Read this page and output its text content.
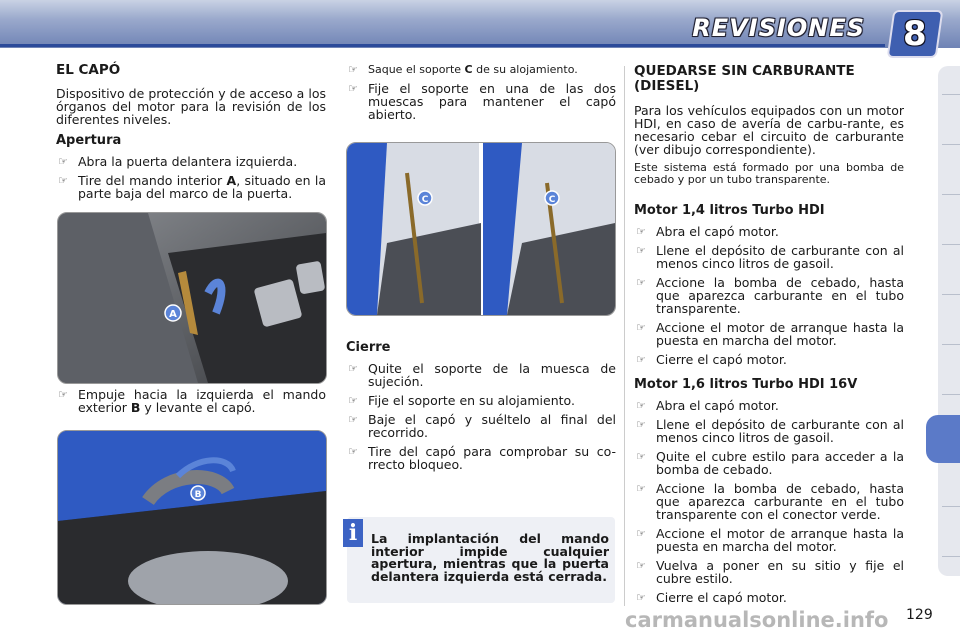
REVISIONES 8
EL CAPÓ

Dispositivo de protección y de acceso a los órganos del motor para la revisión de los diferentes niveles.

Apertura
☞ Abra la puerta delantera izquierda.
☞ Tire del mando interior A, situado en la parte baja del marco de la puerta.
A
☞ Empuje hacia la izquierda el mando exterior B y levante el capó.
B
☞ Saque el soporte C de su alojamiento.
☞ Fije el soporte en una de las dos muescas para mantener el capó abierto.
C	C
Cierre
☞ Quite el soporte de la muesca de sujeción.
☞ Fije el soporte en su alojamiento.
☞ Baje el capó y suéltelo al final del recorrido.
☞ Tire del capó para comprobar su co-rrecto bloqueo.
i	La implantación del mando interior impide cualquier apertura, mientras que la puerta delantera izquierda está cerrada.
QUEDARSE SIN CARBURANTE (DIESEL)

Para los vehículos equipados con un motor HDI, en caso de avería de carbu-rante, es necesario cebar el circuito de carburante (ver dibujo correspondiente).

Este sistema está formado por una bomba de cebado y por un tubo transparente.

Motor 1,4 litros Turbo HDI
☞ Abra el capó motor.
☞ Llene el depósito de carburante con al menos cinco litros de gasoil.
☞ Accione la bomba de cebado, hasta que aparezca carburante en el tubo transparente.
☞ Accione el motor de arranque hasta la puesta en marcha del motor.
☞ Cierre el capó motor.
Motor 1,6 litros Turbo HDI 16V
☞ Abra el capó motor.
☞ Llene el depósito de carburante con al menos cinco litros de gasoil.
☞ Quite el cubre estilo para acceder a la bomba de cebado.
☞ Accione la bomba de cebado, hasta que aparezca carburante en el tubo transparente con el conector verde.
☞ Accione el motor de arranque hasta la puesta en marcha del motor.
☞ Vuelva a poner en su sitio y fije el cubre estilo.
☞ Cierre el capó motor.
carmanualsonline.info 129
